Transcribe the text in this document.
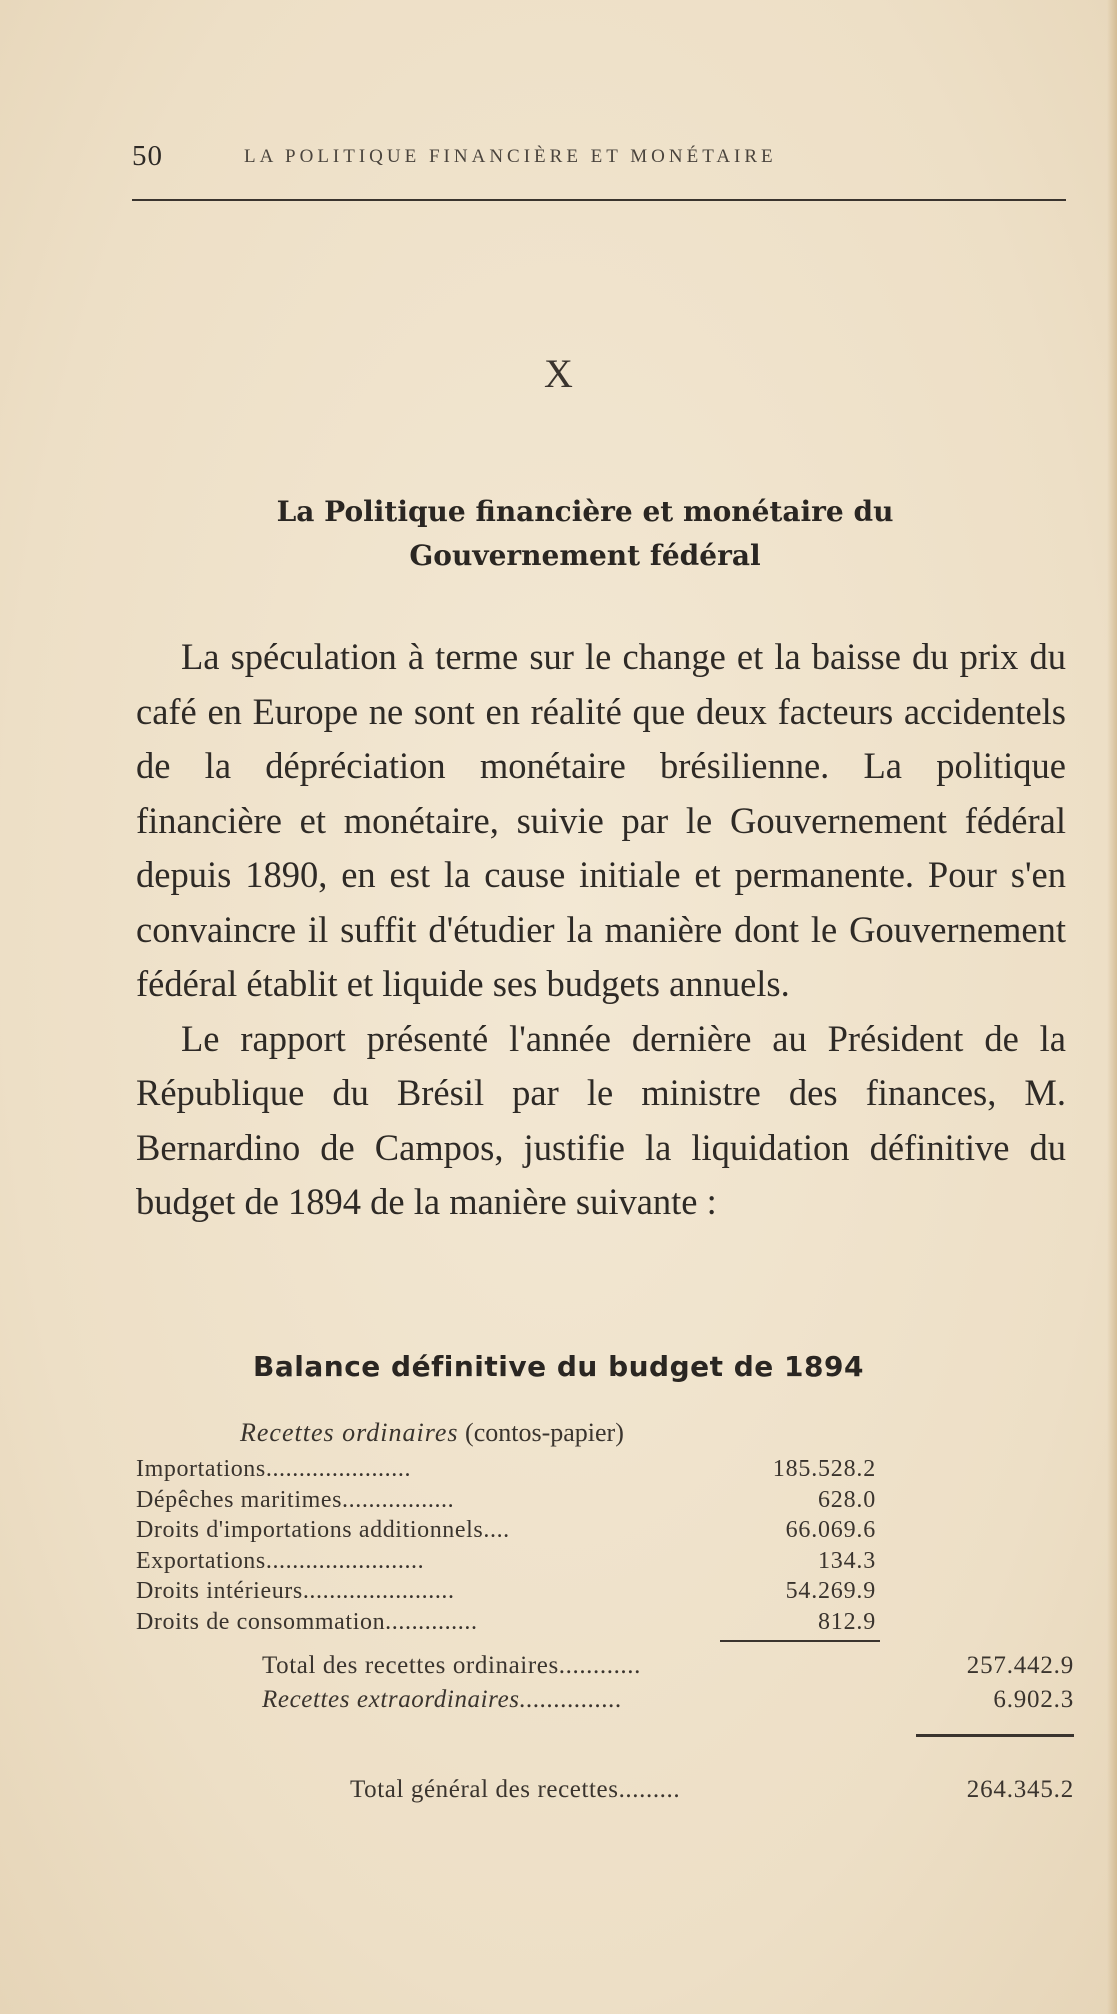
50	LA POLITIQUE FINANCIÈRE ET MONÉTAIRE
X
La Politique financière et monétaire du
Gouvernement fédéral

La spéculation à terme sur le change et la baisse du prix du café en Europe ne sont en réalité que deux facteurs accidentels de la dépréciation monétaire brésilienne. La politique financière et monétaire, suivie par le Gouvernement fédéral depuis 1890, en est la cause initiale et permanente. Pour s'en convaincre il suffit d'étudier la manière dont le Gouvernement fédéral établit et liquide ses budgets annuels.

Le rapport présenté l'année dernière au Président de la République du Brésil par le ministre des finances, M. Bernardino de Campos, justifie la liquidation définitive du budget de 1894 de la manière suivante :

Balance définitive du budget de 1894
Recettes ordinaires (contos-papier)
Importations......................	185.528.2
Dépêches maritimes.................	628.0
Droits d'importations additionnels....	66.069.6
Exportations........................	134.3
Droits intérieurs.......................	54.269.9
Droits de consommation..............	812.9
Total des recettes ordinaires............	257.442.9
Recettes extraordinaires...............	6.902.3
Total général des recettes.........	264.345.2
